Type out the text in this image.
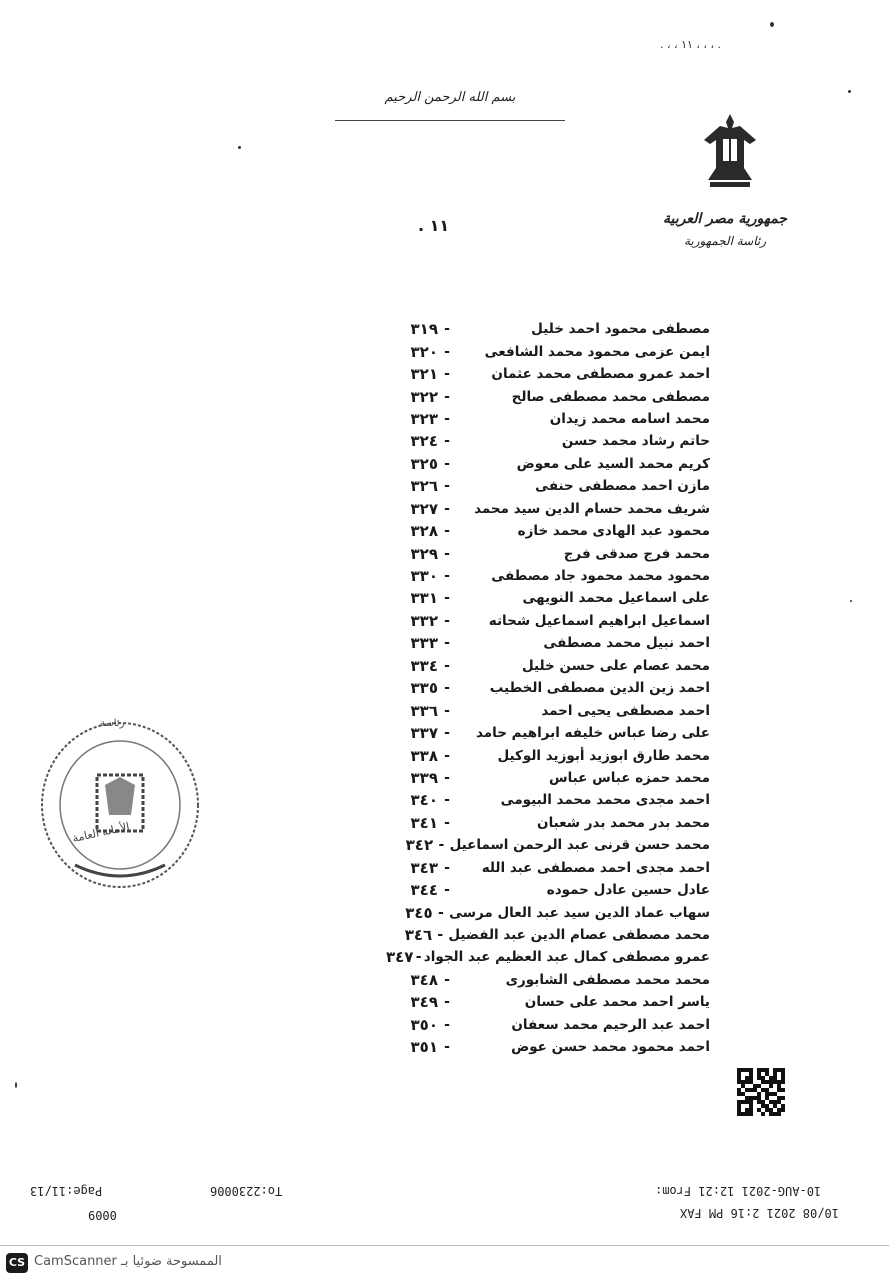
. ، ، ١١ ، ، ، .
بسم الله الرحمن الرحيم
جمهورية مصر العربية
رئاسة الجمهورية
. ١١
٣١٩ -	مصطفى محمود احمد خليل
٣٢٠ -	ايمن عزمى محمود محمد الشافعى
٣٢١ -	احمد عمرو مصطفى محمد عثمان
٣٢٢ -	مصطفى محمد مصطفى صالح
٣٢٣ -	محمد اسامه محمد زيدان
٣٢٤ -	حاتم رشاد محمد حسن
٣٢٥ -	كريم محمد السيد على معوض
٣٢٦ -	مازن احمد مصطفى حنفى
٣٢٧ -	شريف محمد حسام الدين سيد محمد
٣٢٨ -	محمود عبد الهادى محمد خازه
٣٢٩ -	محمد فرج صدقى فرج
٣٣٠ -	محمود محمد محمود جاد مصطفى
٣٣١ -	على اسماعيل محمد النويهى
٣٣٢ -	اسماعيل ابراهيم اسماعيل شحاته
٣٣٣ -	احمد نبيل محمد مصطفى
٣٣٤ -	محمد عصام على حسن خليل
٣٣٥ -	احمد زين الدين مصطفى الخطيب
٣٣٦ -	احمد مصطفى يحيى احمد
٣٣٧ -	على رضا عباس خليفه ابراهيم حامد
٣٣٨ -	محمد طارق ابوزيد أبوزيد الوكيل
٣٣٩ -	محمد حمزه عباس عباس
٣٤٠ -	احمد مجدى محمد محمد البيومى
٣٤١ -	محمد بدر محمد بدر شعبان
٣٤٢ - محمد حسن قرنى عبد الرحمن اسماعيل
٣٤٣ -	احمد مجدى احمد مصطفى عبد الله
٣٤٤ -	عادل حسين عادل حموده
٣٤٥ - سهاب عماد الدين سيد عبد العال مرسى
٣٤٦ - محمد مصطفى عصام الدين عبد الفضيل
٣٤٧ - عمرو مصطفى كمال عبد العظيم عبد الجواد
٣٤٨ -	محمد محمد مصطفى الشابورى
٣٤٩ -	ياسر احمد محمد على حسان
٣٥٠ -	احمد عبد الرحيم محمد سعفان
٣٥١ -	احمد محمود محمد حسن عوض
رئاسة
الأمانة العامة
10-AUG-2021 12:21 From:
To:2230006
Page:11/13
10/08 2021 2:16 PM FAX
0009
CS الممسوحة ضوئيا بـ CamScanner
